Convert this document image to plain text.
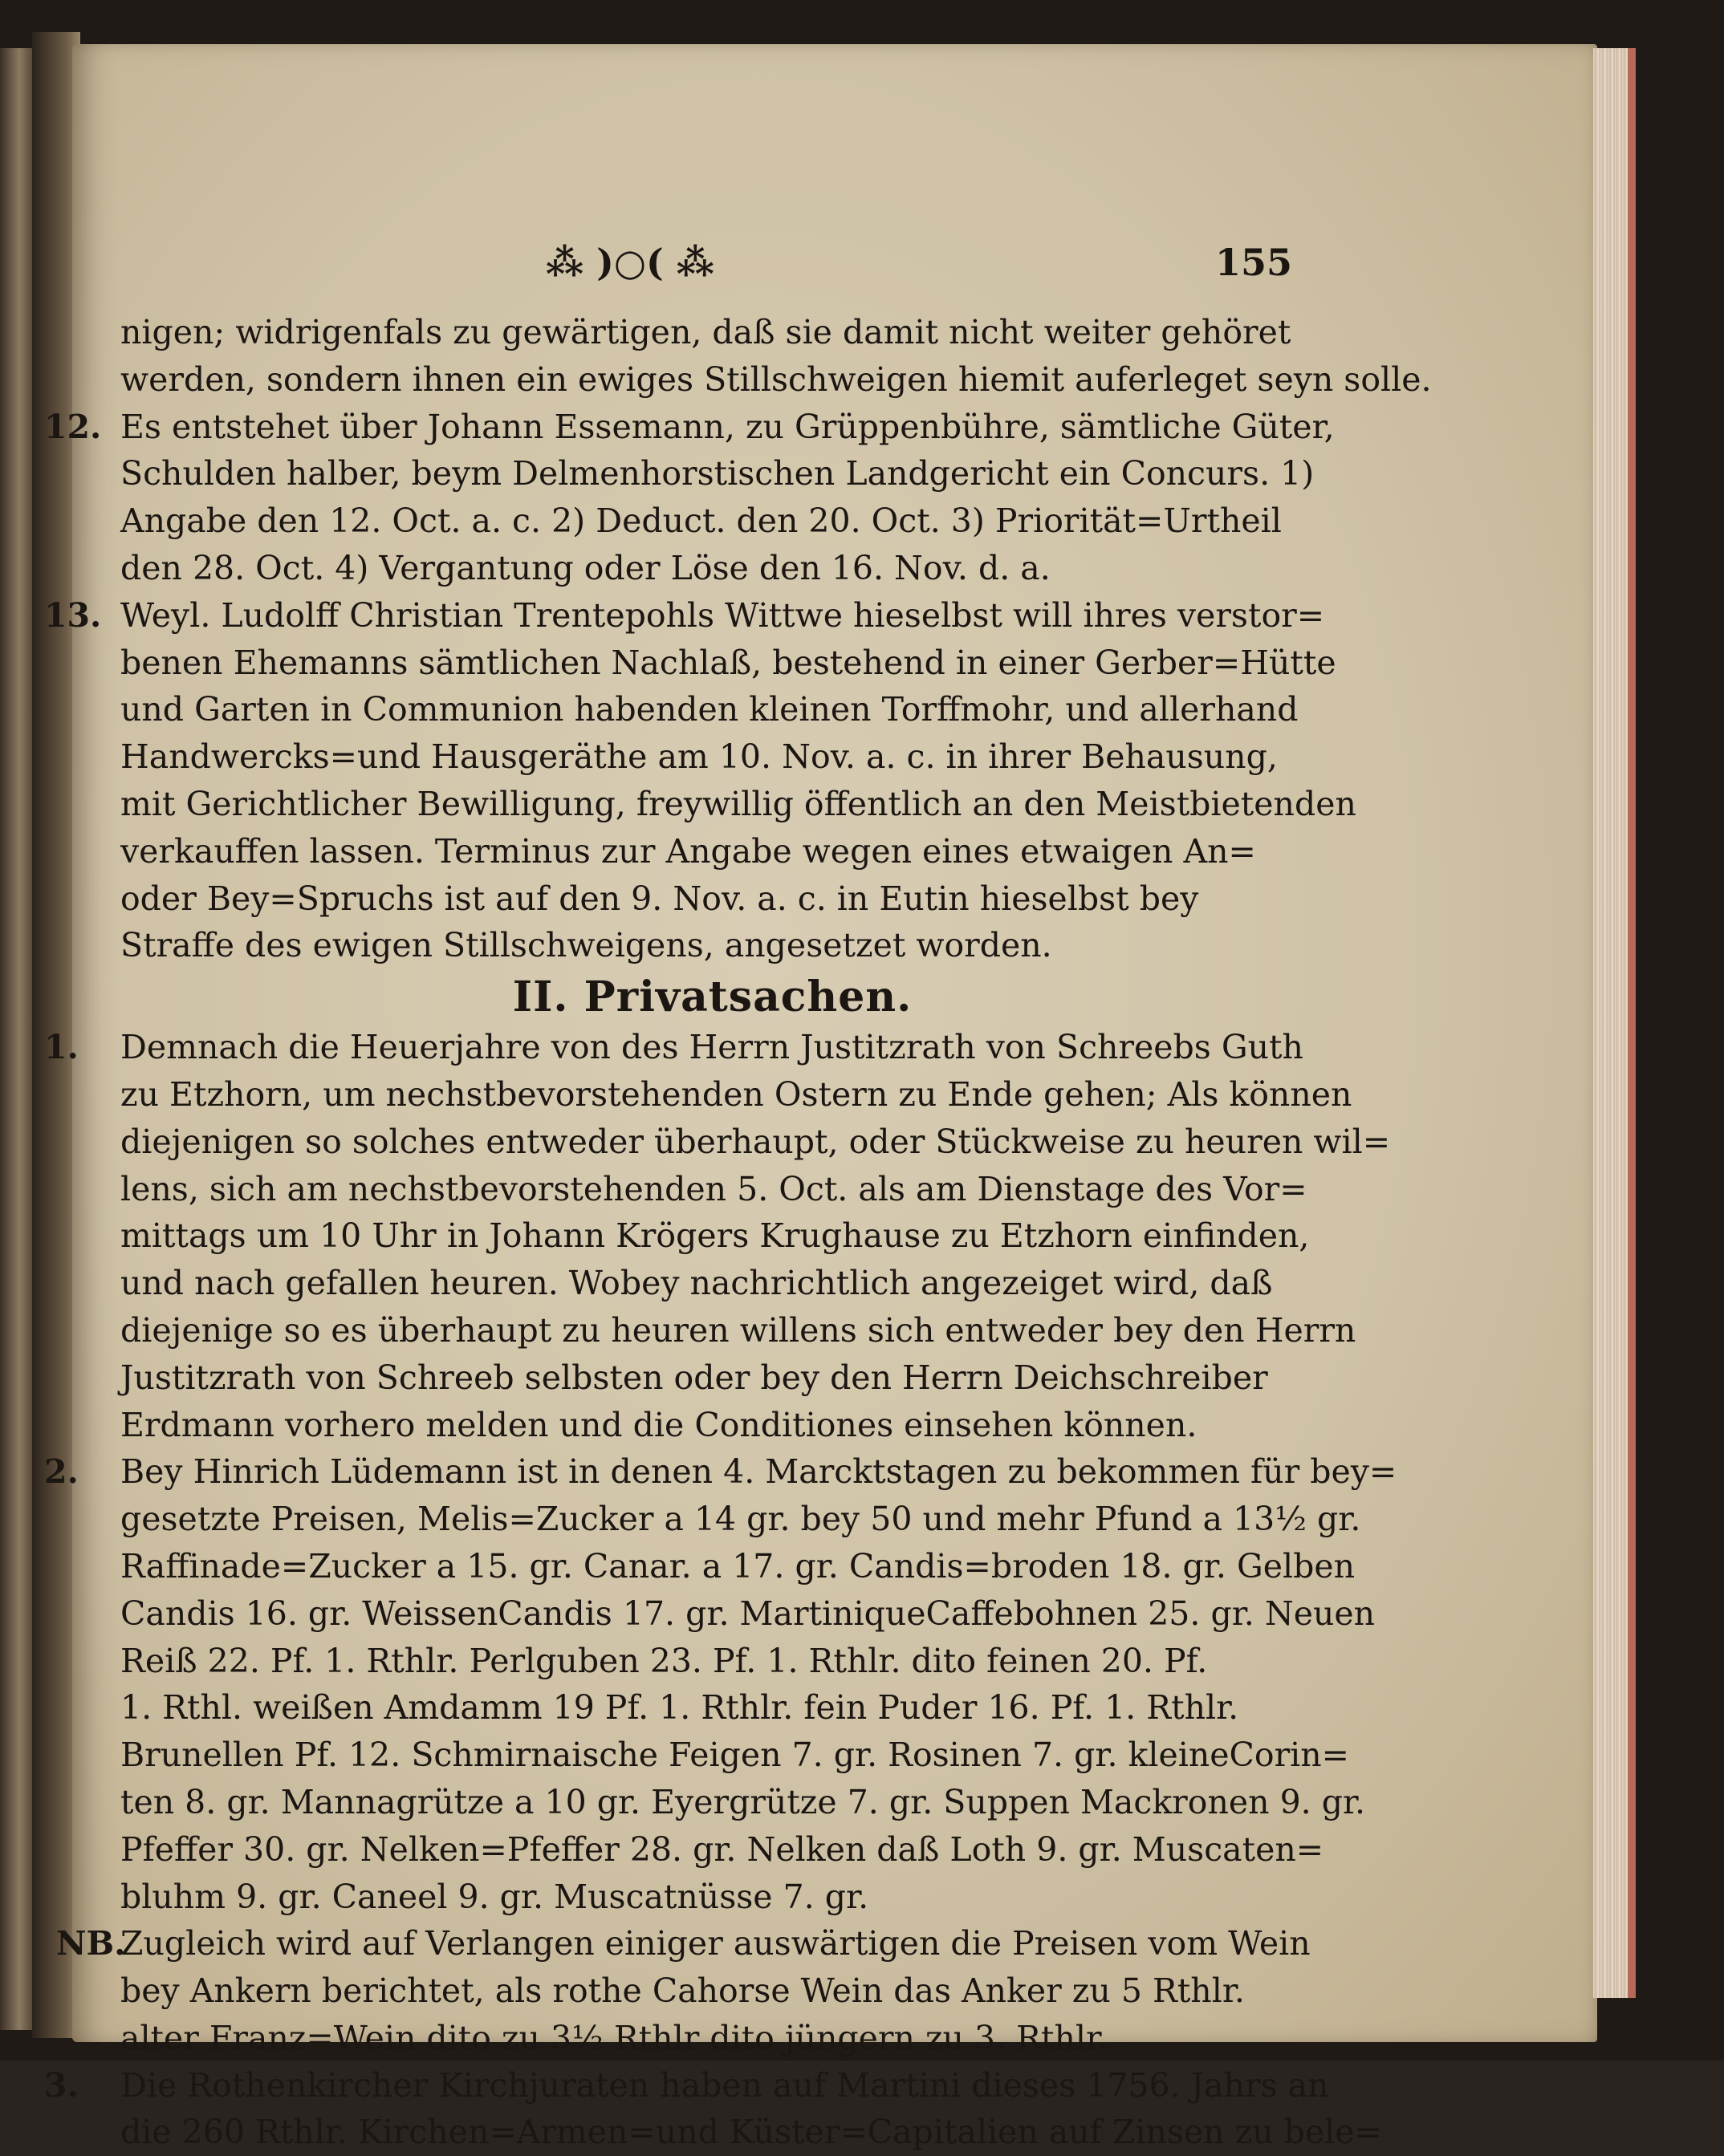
⁂ )○( ⁂	155
nigen; widrigenfals zu gewärtigen, daß sie damit nicht weiter gehöret
werden, sondern ihnen ein ewiges Stillschweigen hiemit auferleget seyn solle.
12. Es entstehet über Johann Essemann, zu Grüppenbühre, sämtliche Güter,
Schulden halber, beym Delmenhorstischen Landgericht ein Concurs. 1)
Angabe den 12. Oct. a. c. 2) Deduct. den 20. Oct. 3) Priorität=Urtheil
den 28. Oct. 4) Vergantung oder Löse den 16. Nov. d. a.
13. Weyl. Ludolff Christian Trentepohls Wittwe hieselbst will ihres verstor=
benen Ehemanns sämtlichen Nachlaß, bestehend in einer Gerber=Hütte
und Garten in Communion habenden kleinen Torffmohr, und allerhand
Handwercks=und Hausgeräthe am 10. Nov. a. c. in ihrer Behausung,
mit Gerichtlicher Bewilligung, freywillig öffentlich an den Meistbietenden
verkauffen lassen. Terminus zur Angabe wegen eines etwaigen An=
oder Bey=Spruchs ist auf den 9. Nov. a. c. in Eutin hieselbst bey
Straffe des ewigen Stillschweigens, angesetzet worden.
II. Privatsachen.
1. Demnach die Heuerjahre von des Herrn Justitzrath von Schreebs Guth
zu Etzhorn, um nechstbevorstehenden Ostern zu Ende gehen; Als können
diejenigen so solches entweder überhaupt, oder Stückweise zu heuren wil=
lens, sich am nechstbevorstehenden 5. Oct. als am Dienstage des Vor=
mittags um 10 Uhr in Johann Krögers Krughause zu Etzhorn einfinden,
und nach gefallen heuren. Wobey nachrichtlich angezeiget wird, daß
diejenige so es überhaupt zu heuren willens sich entweder bey den Herrn
Justitzrath von Schreeb selbsten oder bey den Herrn Deichschreiber
Erdmann vorhero melden und die Conditiones einsehen können.
2. Bey Hinrich Lüdemann ist in denen 4. Marcktstagen zu bekommen für bey=
gesetzte Preisen, Melis=Zucker a 14 gr. bey 50 und mehr Pfund a 13½ gr.
Raffinade=Zucker a 15. gr. Canar. a 17. gr. Candis=broden 18. gr. Gelben
Candis 16. gr. WeissenCandis 17. gr. MartiniqueCaffebohnen 25. gr. Neuen
Reiß 22. Pf. 1. Rthlr. Perlguben 23. Pf. 1. Rthlr. dito feinen 20. Pf.
1. Rthl. weißen Amdamm 19 Pf. 1. Rthlr. fein Puder 16. Pf. 1. Rthlr.
Brunellen Pf. 12. Schmirnaische Feigen 7. gr. Rosinen 7. gr. kleineCorin=
ten 8. gr. Mannagrütze a 10 gr. Eyergrütze 7. gr. Suppen Mackronen 9. gr.
Pfeffer 30. gr. Nelken=Pfeffer 28. gr. Nelken daß Loth 9. gr. Muscaten=
bluhm 9. gr. Caneel 9. gr. Muscatnüsse 7. gr.
NB.
Zugleich wird auf Verlangen einiger auswärtigen die Preisen vom Wein
bey Ankern berichtet, als rothe Cahorse Wein das Anker zu 5 Rthlr.
alter Franz=Wein dito zu 3½ Rthlr dito jüngern zu 3. Rthlr.
3. Die Rothenkircher Kirchjuraten haben auf Martini dieses 1756. Jahrs an
die 260 Rthlr. Kirchen=Armen=und Küster=Capitalien auf Zinsen zu bele=
